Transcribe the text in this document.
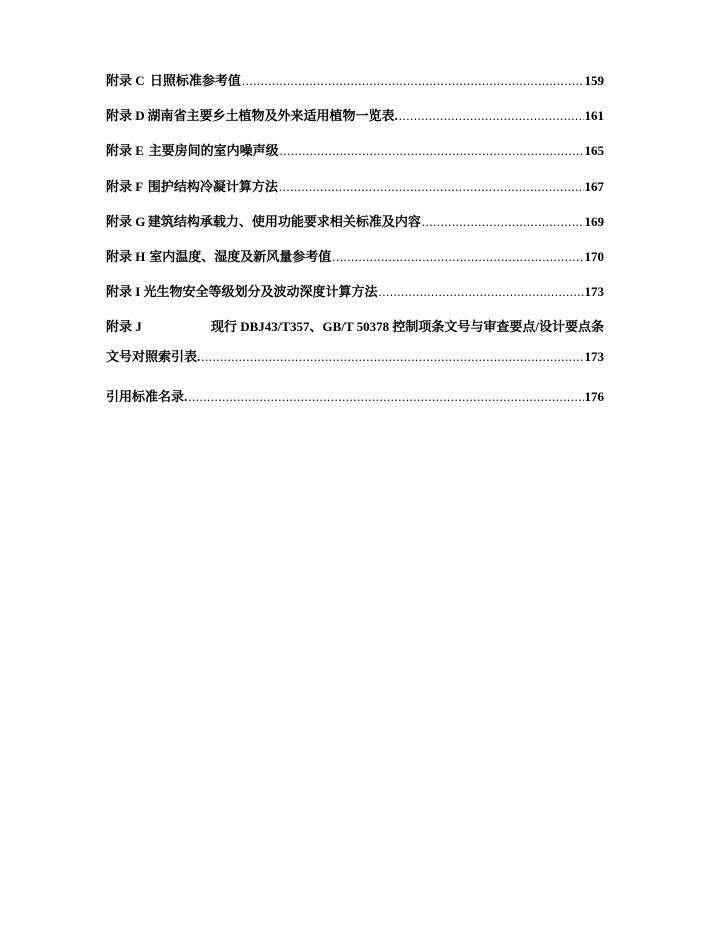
附录 C 日照标准参考值 .....	159
附录 D 湖南省主要乡土植物及外来适用植物一览表. .....	161
附录 E 主要房间的室内噪声级 .....	165
附录 F 围护结构冷凝计算方法 .....	167
附录 G 建筑结构承载力、使用功能要求相关标准及内容 .....	169
附录 H 室内温度、湿度及新风量参考值 .....	170
附录 I 光生物安全等级划分及波动深度计算方法 .....	173
附录 J	现行 DBJ43/T357、GB/T 50378 控制项条文号与审查要点/设计要点条
文号对照索引表. .....	173
引用标准名录. .....	176
